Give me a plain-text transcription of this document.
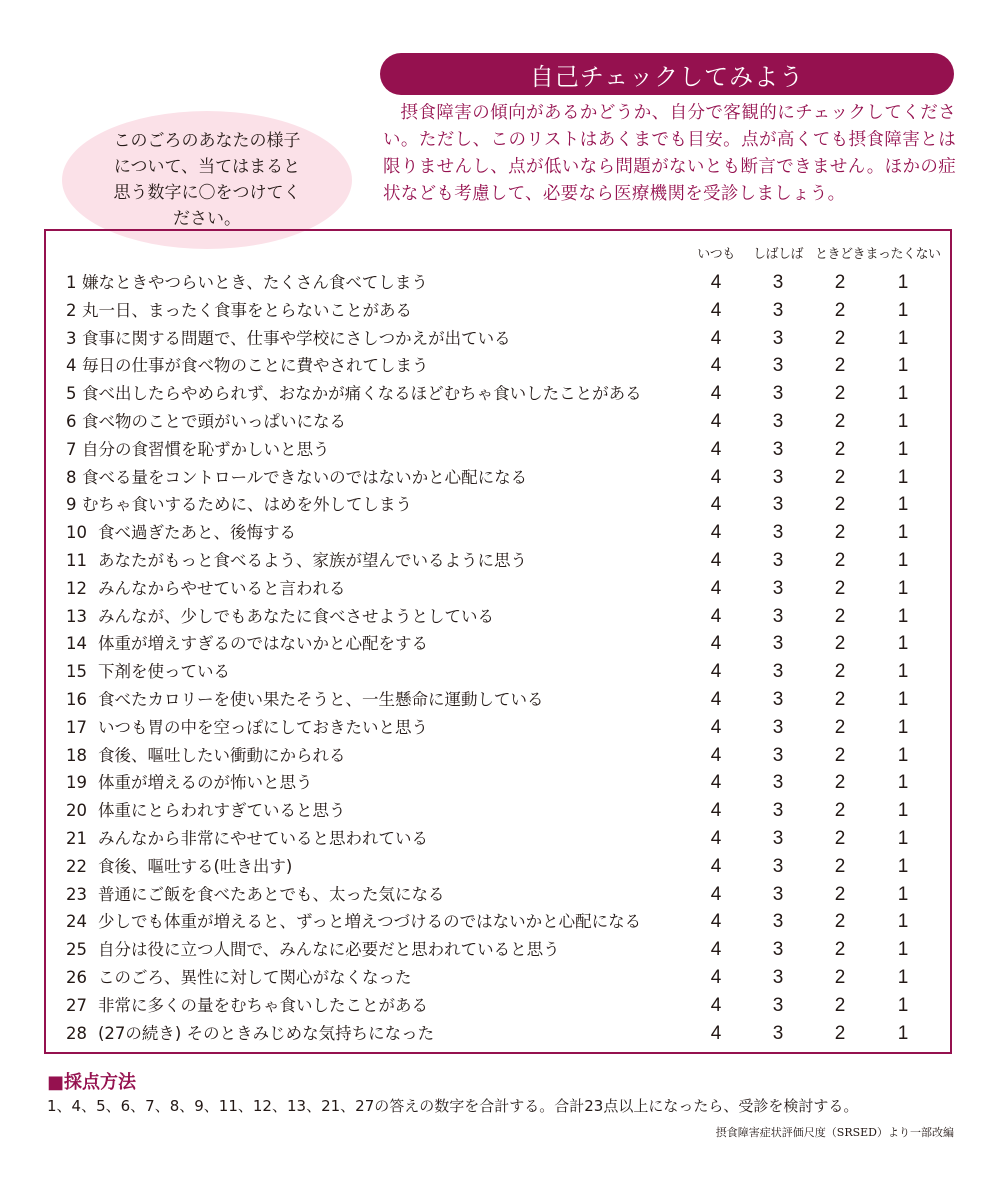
自己チェックしてみよう
摂食障害の傾向があるかどうか、自分で客観的にチェックしてください。ただし、このリストはあくまでも目安。点が高くても摂食障害とは限りませんし、点が低いなら問題がないとも断言できません。ほかの症状なども考慮して、必要なら医療機関を受診しましょう。
このごろのあなたの様子について、当てはまると思う数字に〇をつけてください。
いつも	しばしば ときどき まったくない
1 嫌なときやつらいとき、たくさん食べてしまう	4	3	2	1
2 丸一日、まったく食事をとらないことがある	4	3	2	1
3 食事に関する問題で、仕事や学校にさしつかえが出ている	4	3	2	1
4 毎日の仕事が食べ物のことに費やされてしまう	4	3	2	1
5 食べ出したらやめられず、おなかが痛くなるほどむちゃ食いしたことがある	4	3	2	1
6 食べ物のことで頭がいっぱいになる	4	3	2	1
7 自分の食習慣を恥ずかしいと思う	4	3	2	1
8 食べる量をコントロールできないのではないかと心配になる	4	3	2	1
9 むちゃ食いするために、はめを外してしまう	4	3	2	1
10 食べ過ぎたあと、後悔する	4	3	2	1
11 あなたがもっと食べるよう、家族が望んでいるように思う	4	3	2	1
12 みんなからやせていると言われる	4	3	2	1
13 みんなが、少しでもあなたに食べさせようとしている	4	3	2	1
14 体重が増えすぎるのではないかと心配をする	4	3	2	1
15 下剤を使っている	4	3	2	1
16 食べたカロリーを使い果たそうと、一生懸命に運動している	4	3	2	1
17 いつも胃の中を空っぽにしておきたいと思う	4	3	2	1
18 食後、嘔吐したい衝動にかられる	4	3	2	1
19 体重が増えるのが怖いと思う	4	3	2	1
20 体重にとらわれすぎていると思う	4	3	2	1
21 みんなから非常にやせていると思われている	4	3	2	1
22 食後、嘔吐する(吐き出す)	4	3	2	1
23 普通にご飯を食べたあとでも、太った気になる	4	3	2	1
24 少しでも体重が増えると、ずっと増えつづけるのではないかと心配になる	4	3	2	1
25 自分は役に立つ人間で、みんなに必要だと思われていると思う	4	3	2	1
26 このごろ、異性に対して関心がなくなった	4	3	2	1
27 非常に多くの量をむちゃ食いしたことがある	4	3	2	1
28 (27の続き) そのときみじめな気持ちになった	4	3	2	1
■採点方法
1、4、5、6、7、8、9、11、12、13、21、27の答えの数字を合計する。合計23点以上になったら、受診を検討する。
摂食障害症状評価尺度（SRSED）より一部改編
